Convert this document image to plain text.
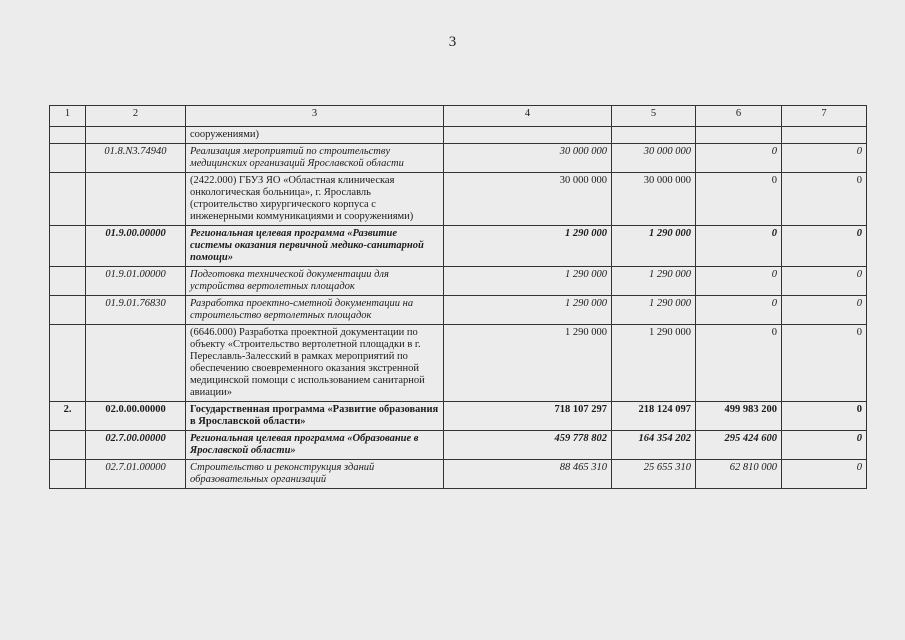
3
1	2	3	4	5	6	7
		сооружениями)				
	01.8.N3.74940	Реализация мероприятий по строительству медицинских организаций Ярославской области	30 000 000	30 000 000	0	0
		(2422.000) ГБУЗ ЯО «Областная клиническая онкологическая больница», г. Ярославль (строительство хирургического корпуса с инженерными коммуникациями и сооружениями)	30 000 000	30 000 000	0	0
	01.9.00.00000	Региональная целевая программа «Развитие системы оказания первичной медико-санитарной помощи»	1 290 000	1 290 000	0	0
	01.9.01.00000	Подготовка технической документации для устройства вертолетных площадок	1 290 000	1 290 000	0	0
	01.9.01.76830	Разработка проектно-сметной документации на строительство вертолетных площадок	1 290 000	1 290 000	0	0
		(6646.000) Разработка проектной документации по объекту «Строительство вертолетной площадки в г. Переславль-Залесский в рамках мероприятий по обеспечению своевременного оказания экстренной медицинской помощи с использованием санитарной авиации»	1 290 000	1 290 000	0	0
2.	02.0.00.00000	Государственная программа «Развитие образования в Ярославской области»	718 107 297	218 124 097	499 983 200	0
	02.7.00.00000	Региональная целевая программа «Образование в Ярославской области»	459 778 802	164 354 202	295 424 600	0
	02.7.01.00000	Строительство и реконструкция зданий образовательных организаций	88 465 310	25 655 310	62 810 000	0
